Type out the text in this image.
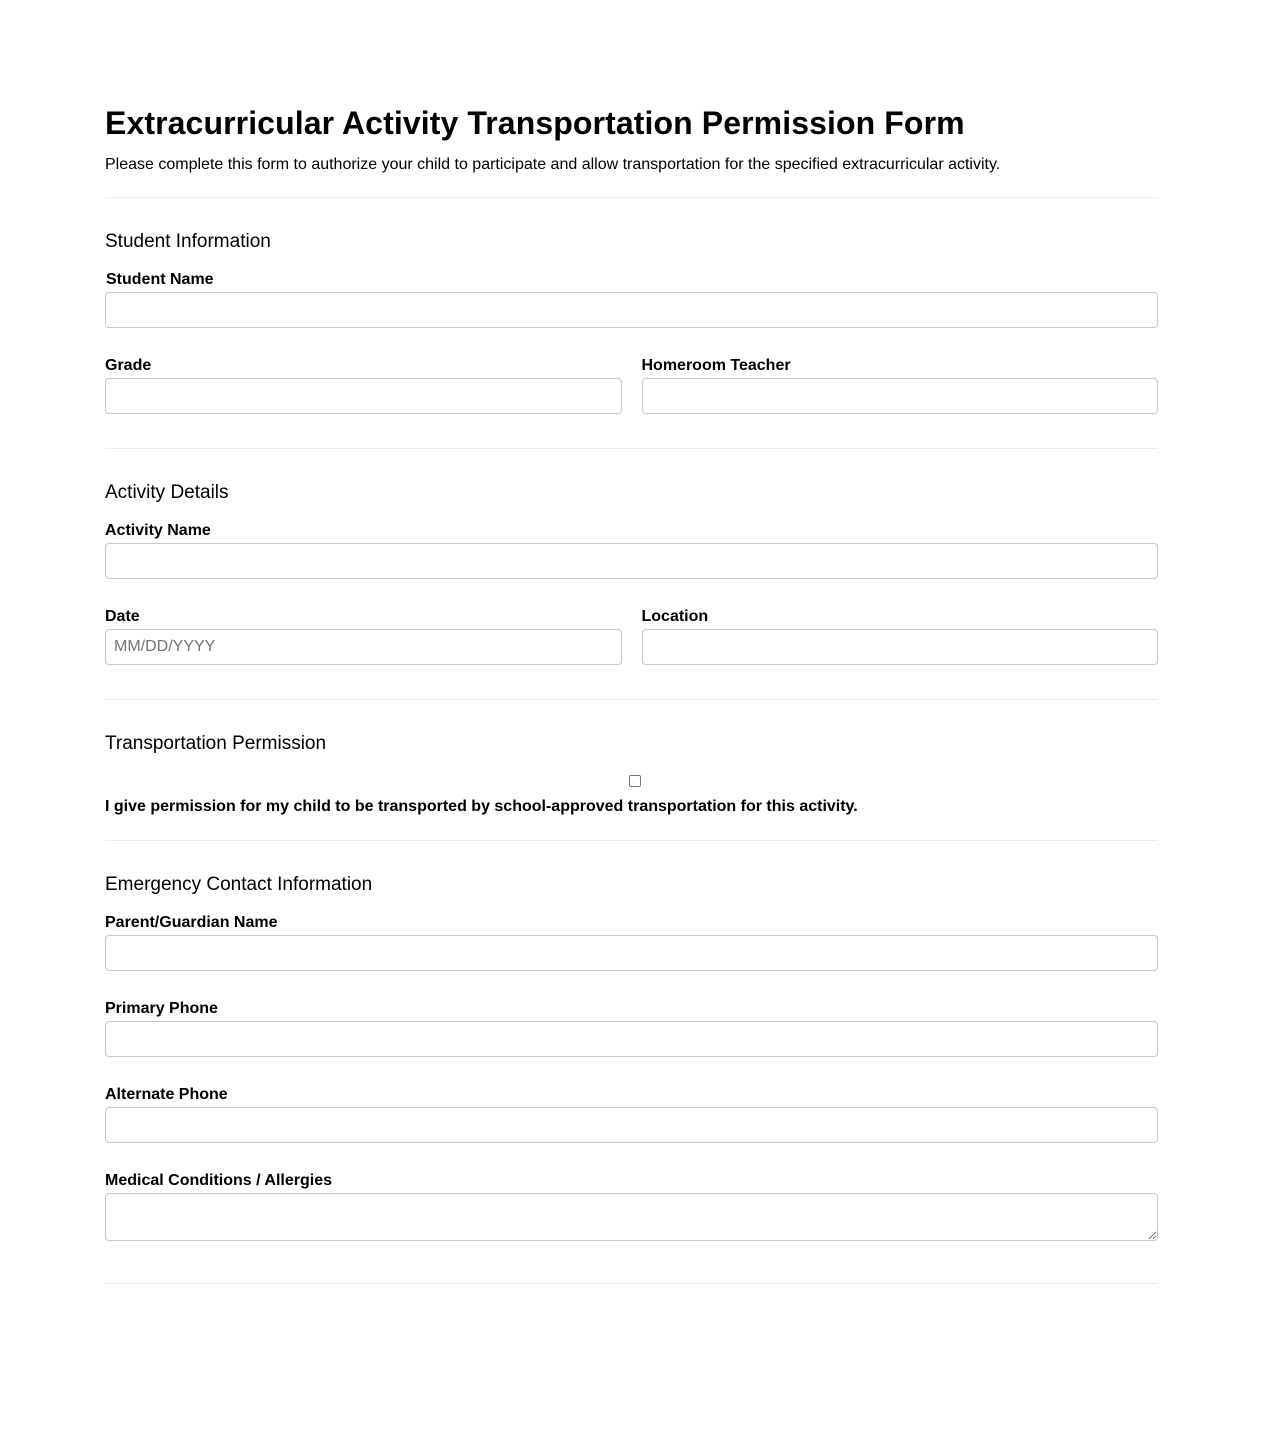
Extracurricular Activity Transportation Permission Form

Please complete this form to authorize your child to participate and allow transportation for the specified extracurricular activity.

Student Information
Student Name
Grade	Homeroom Teacher
Activity Details
Activity Name
Date
MM/DD/YYYY	Location
Transportation Permission
I give permission for my child to be transported by school-approved transportation for this activity.
Emergency Contact Information
Parent/Guardian Name
Primary Phone
Alternate Phone
Medical Conditions / Allergies
